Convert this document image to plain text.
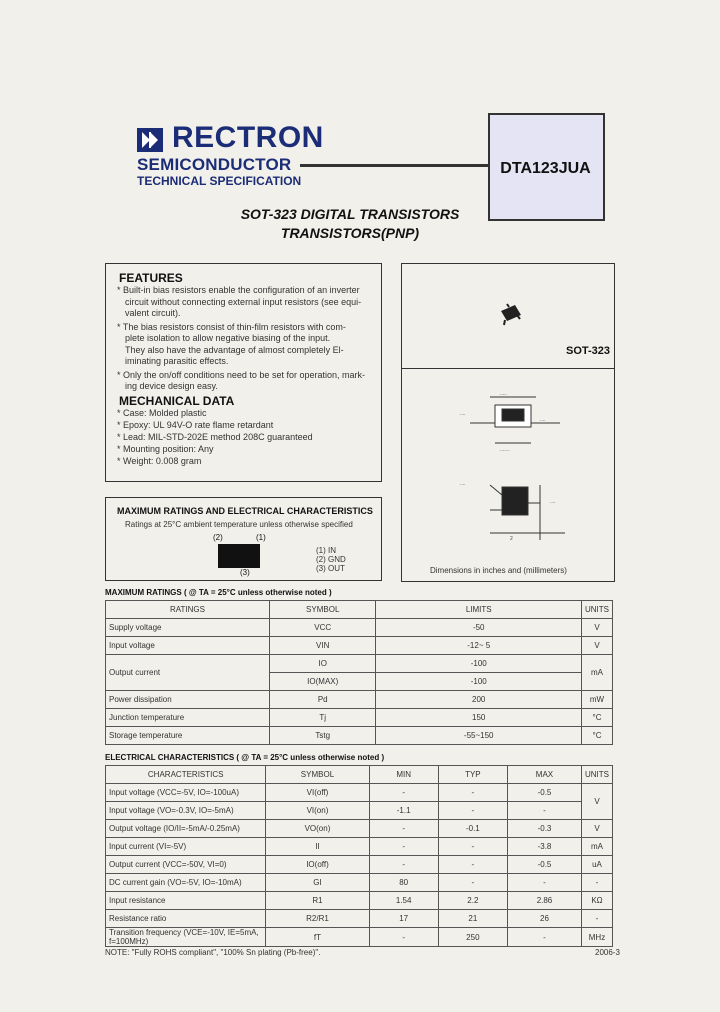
RECTRON
SEMICONDUCTOR
TECHNICAL SPECIFICATION
DTA123JUA
SOT-323 DIGITAL TRANSISTORS
TRANSISTORS(PNP)
FEATURES
* Built-in bias resistors enable the configuration of an inverter
circuit without connecting external input resistors (see equi-
valent circuit).
* The bias resistors consist of thin-film resistors with com-
plete isolation to allow negative biasing of the input.
They also have the advantage of almost completely El-
iminating parasitic effects.
* Only the on/off conditions need to be set for operation, mark-
ing device design easy.
MECHANICAL DATA
* Case: Molded plastic
* Epoxy: UL 94V-O rate flame retardant
* Lead: MIL-STD-202E method 208C guaranteed
* Mounting position: Any
* Weight: 0.008 gram
SOT-323
.....
....
....
.......
....
....
2
Dimensions in inches and (millimeters)
MAXIMUM RATINGS AND ELECTRICAL CHARACTERISTICS
Ratings at 25°C ambient temperature unless otherwise specified
(2)	(1)
(3)
(1) IN
(2) GND
(3) OUT
MAXIMUM RATINGS ( @ TA = 25°C unless otherwise noted )
RATINGS	SYMBOL	LIMITS	UNITS
Supply voltage	VCC	-50	V
Input voltage	VIN	-12~ 5	V
Output current	IO	-100	mA
	IO(MAX)	-100	
Power dissipation	Pd	200	mW
Junction temperature	Tj	150	°C
Storage temperature	Tstg	-55~150	°C
ELECTRICAL CHARACTERISTICS ( @ TA = 25°C unless otherwise noted )
CHARACTERISTICS	SYMBOL	MIN	TYP	MAX	UNITS
Input voltage (VCC=-5V, IO=-100uA)	VI(off)	-	-	-0.5	V
Input voltage (VO=-0.3V, IO=-5mA)	VI(on)	-1.1	-	-	
Output voltage (IO/II=-5mA/-0.25mA)	VO(on)	-	-0.1	-0.3	V
Input current (VI=-5V)	II	-	-	-3.8	mA
Output current (VCC=-50V, VI=0)	IO(off)	-	-	-0.5	uA
DC current gain (VO=-5V, IO=-10mA)	GI	80	-	-	-
Input resistance	R1	1.54	2.2	2.86	KΩ
Resistance ratio	R2/R1	17	21	26	-
Transition frequency (VCE=-10V, IE=5mA, f=100MHz)	fT	-	250	-	MHz
NOTE: "Fully ROHS compliant", "100% Sn plating (Pb-free)".	2006-3
